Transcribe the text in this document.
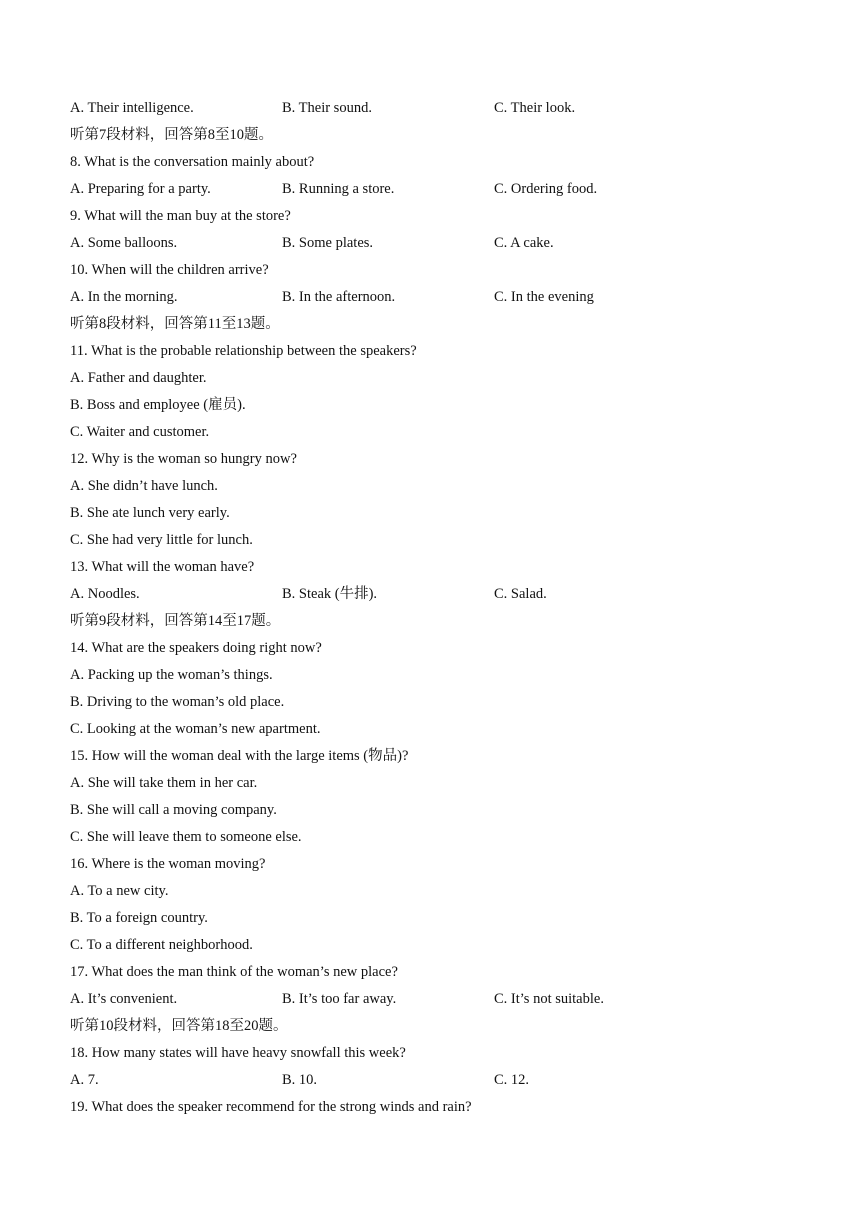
A. Their intelligence.	B. Their sound.	C. Their look.
听第7段材料，回答第8至10题。
8. What is the conversation mainly about?
A. Preparing for a party.	B. Running a store.	C. Ordering food.
9. What will the man buy at the store?
A. Some balloons.	B. Some plates.	C. A cake.
10. When will the children arrive?
A. In the morning.	B. In the afternoon.	C. In the evening
听第8段材料，回答第11至13题。
11. What is the probable relationship between the speakers?
A. Father and daughter.
B. Boss and employee (雇员).
C. Waiter and customer.
12. Why is the woman so hungry now?
A. She didn’t have lunch.
B. She ate lunch very early.
C. She had very little for lunch.
13. What will the woman have?
A. Noodles.	B. Steak (牛排).	C. Salad.
听第9段材料，回答第14至17题。
14. What are the speakers doing right now?
A. Packing up the woman’s things.
B. Driving to the woman’s old place.
C. Looking at the woman’s new apartment.
15. How will the woman deal with the large items (物品)?
A. She will take them in her car.
B. She will call a moving company.
C. She will leave them to someone else.
16. Where is the woman moving?
A. To a new city.
B. To a foreign country.
C. To a different neighborhood.
17. What does the man think of the woman’s new place?
A. It’s convenient.	B. It’s too far away.	C. It’s not suitable.
听第10段材料，回答第18至20题。
18. How many states will have heavy snowfall this week?
A. 7.	B. 10.	C. 12.
19. What does the speaker recommend for the strong winds and rain?
